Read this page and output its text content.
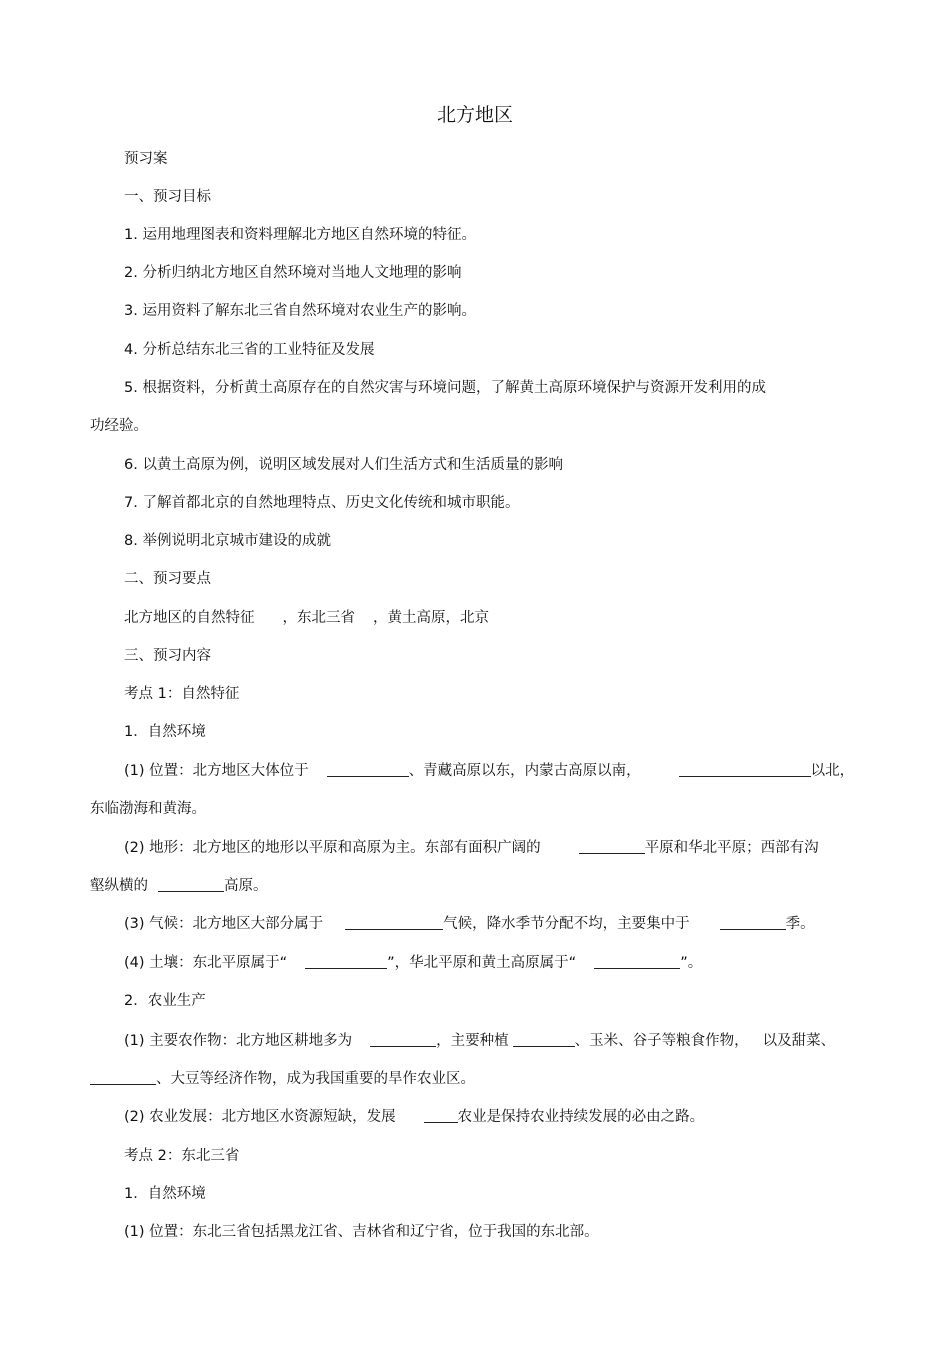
北方地区
预习案
一、预习目标
1. 运用地理图表和资料理解北方地区自然环境的特征。
2. 分析归纳北方地区自然环境对当地人文地理的影响
3. 运用资料了解东北三省自然环境对农业生产的影响。
4. 分析总结东北三省的工业特征及发展
5. 根据资料，分析黄土高原存在的自然灾害与环境问题，了解黄土高原环境保护与资源开发利用的成
功经验。
6. 以黄土高原为例，说明区域发展对人们生活方式和生活质量的影响
7. 了解首都北京的自然地理特点、历史文化传统和城市职能。
8. 举例说明北京城市建设的成就
二、预习要点
北方地区的自然特征 ，东北三省 ，黄土高原，北京
三、预习内容
考点 1：自然特征
1．自然环境
(1) 位置：北方地区大体位于	、青藏高原以东，内蒙古高原以南，	以北，
东临渤海和黄海。
(2) 地形：北方地区的地形以平原和高原为主。东部有面积广阔的	平原和华北平原；西部有沟
壑纵横的	高原。
(3) 气候：北方地区大部分属于	气候，降水季节分配不均，主要集中于	季。
(4) 土壤：东北平原属于“	”，华北平原和黄土高原属于“	”。
2．农业生产
(1) 主要农作物：北方地区耕地多为	，主要种植	、玉米、谷子等粮食作物， 以及甜菜、
、大豆等经济作物，成为我国重要的旱作农业区。
(2) 农业发展：北方地区水资源短缺，发展	农业是保持农业持续发展的必由之路。
考点 2：东北三省
1．自然环境
(1) 位置：东北三省包括黑龙江省、吉林省和辽宁省，位于我国的东北部。
